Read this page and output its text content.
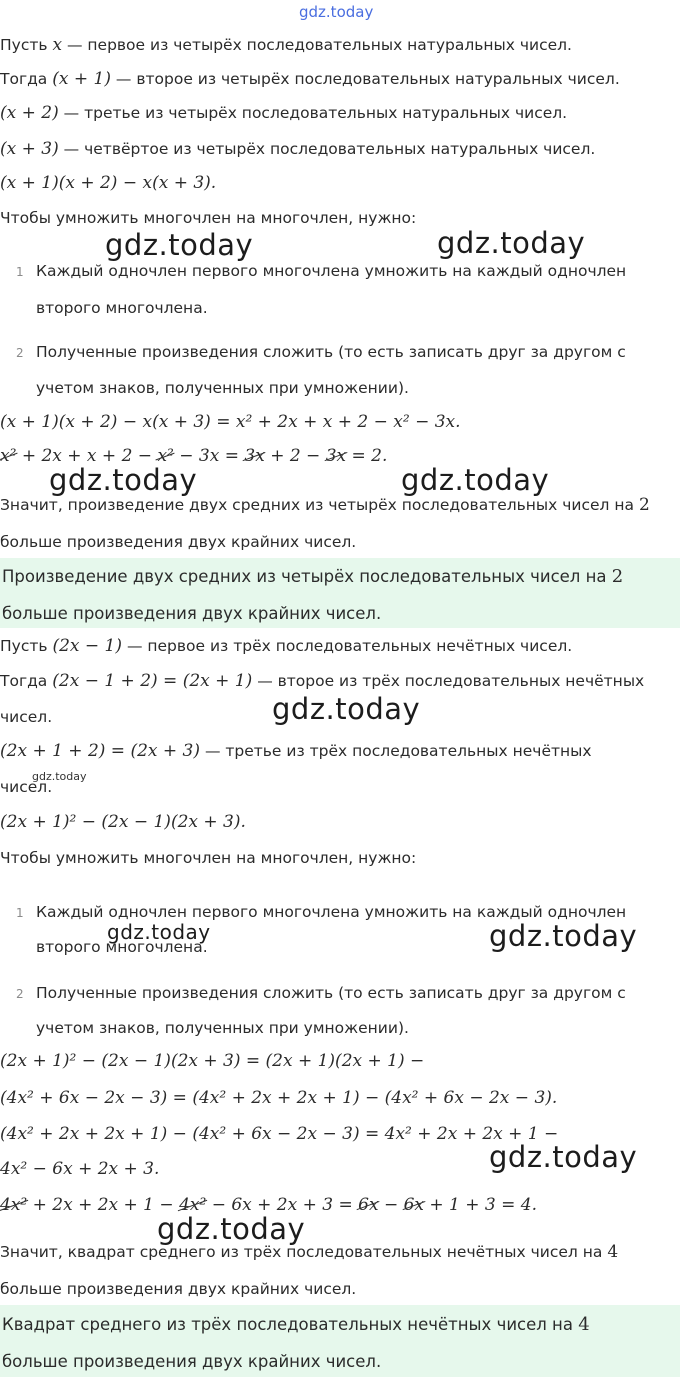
gdz.today
Пусть x — первое из четырёх последовательных натуральных чисел.
Тогда (x + 1) — второе из четырёх последовательных натуральных чисел.
(x + 2) — третье из четырёх последовательных натуральных чисел.
(x + 3) — четвёртое из четырёх последовательных натуральных чисел.
(x + 1)(x + 2) − x(x + 3).
Чтобы умножить многочлен на многочлен, нужно:
1 Каждый одночлен первого многочлена умножить на каждый одночлен
второго многочлена.
2 Полученные произведения сложить (то есть записать друг за другом с
учетом знаков, полученных при умножении).
(x + 1)(x + 2) − x(x + 3) = x² + 2x + x + 2 − x² − 3x.
x² + 2x + x + 2 − x² − 3x = 3x + 2 − 3x = 2.
Значит, произведение двух средних из четырёх последовательных чисел на 2
больше произведения двух крайних чисел.
Произведение двух средних из четырёх последовательных чисел на 2
больше произведения двух крайних чисел.
Пусть (2x − 1) — первое из трёх последовательных нечётных чисел.
Тогда (2x − 1 + 2) = (2x + 1) — второе из трёх последовательных нечётных
чисел.
(2x + 1 + 2) = (2x + 3) — третье из трёх последовательных нечётных
чисел.
(2x + 1)² − (2x − 1)(2x + 3).
Чтобы умножить многочлен на многочлен, нужно:
1 Каждый одночлен первого многочлена умножить на каждый одночлен
второго многочлена.
2 Полученные произведения сложить (то есть записать друг за другом с
учетом знаков, полученных при умножении).
(2x + 1)² − (2x − 1)(2x + 3) = (2x + 1)(2x + 1) −
(4x² + 6x − 2x − 3) = (4x² + 2x + 2x + 1) − (4x² + 6x − 2x − 3).
(4x² + 2x + 2x + 1) − (4x² + 6x − 2x − 3) = 4x² + 2x + 2x + 1 −
4x² − 6x + 2x + 3.
4x² + 2x + 2x + 1 − 4x² − 6x + 2x + 3 = 6x − 6x + 1 + 3 = 4.
Значит, квадрат среднего из трёх последовательных нечётных чисел на 4
больше произведения двух крайних чисел.
Квадрат среднего из трёх последовательных нечётных чисел на 4
больше произведения двух крайних чисел.
gdz.today	gdz.today
gdz.today	gdz.today
gdz.today
gdz.today
gdz.today	gdz.today
gdz.today
gdz.today
